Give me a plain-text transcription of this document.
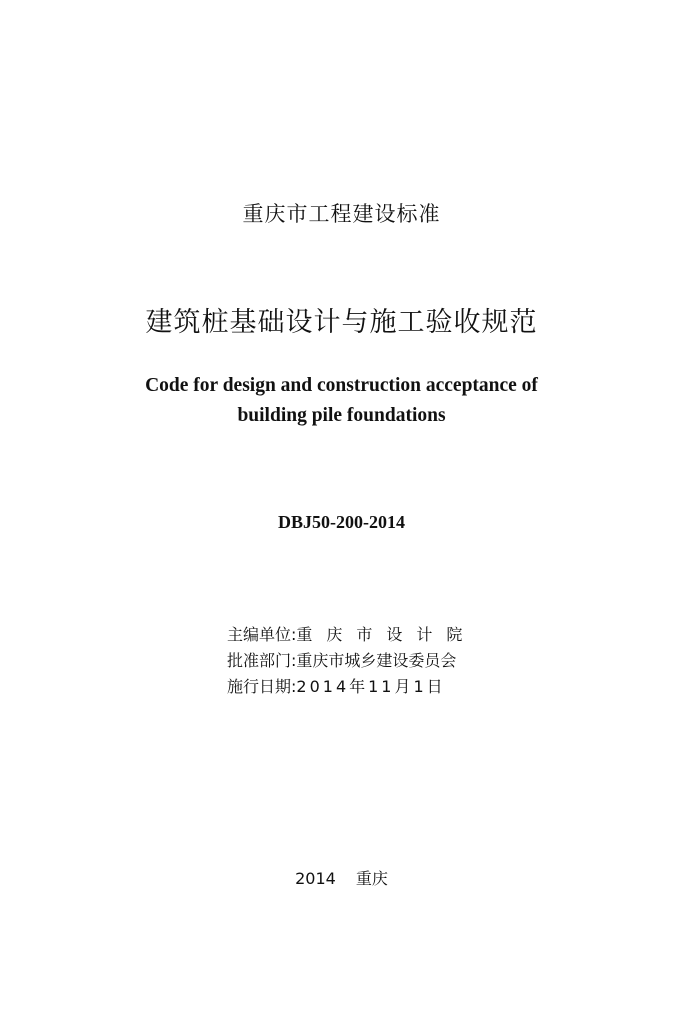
重庆市工程建设标准
建筑桩基础设计与施工验收规范
Code for design and construction acceptance of
building pile foundations
DBJ50-200-2014
主编单位:重庆市设计院
批准部门:重庆市城乡建设委员会
施行日期:2014年11月1日
2014 重庆
